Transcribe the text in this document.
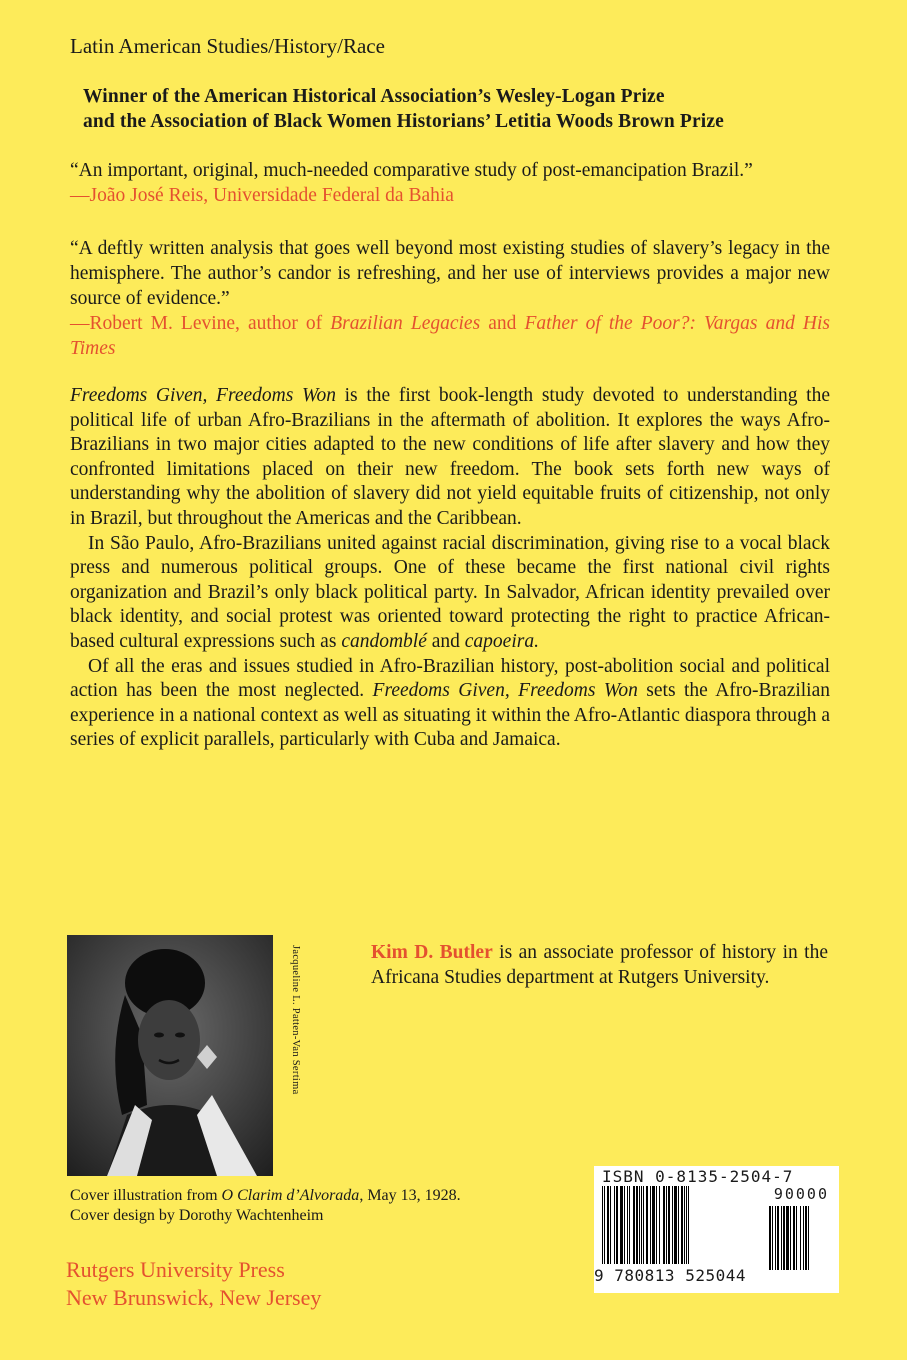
Latin American Studies/History/Race
Winner of the American Historical Association’s Wesley-Logan Prize
and the Association of Black Women Historians’ Letitia Woods Brown Prize
“An important, original, much-needed comparative study of post-emancipation Brazil.”
—João José Reis, Universidade Federal da Bahia
“A deftly written analysis that goes well beyond most existing studies of slavery’s legacy in the hemisphere. The author’s candor is refreshing, and her use of interviews provides a major new source of evidence.”
—Robert M. Levine, author of Brazilian Legacies and Father of the Poor?: Vargas and His Times

Freedoms Given, Freedoms Won is the first book-length study devoted to understanding the political life of urban Afro-Brazilians in the aftermath of abolition. It explores the ways Afro-Brazilians in two major cities adapted to the new conditions of life after slavery and how they confronted limitations placed on their new freedom. The book sets forth new ways of understanding why the abolition of slavery did not yield equitable fruits of citizenship, not only in Brazil, but throughout the Americas and the Caribbean.

In São Paulo, Afro-Brazilians united against racial discrimination, giving rise to a vocal black press and numerous political groups. One of these became the first national civil rights organization and Brazil’s only black political party. In Salvador, African identity prevailed over black identity, and social protest was oriented toward protecting the right to practice African-based cultural expressions such as candomblé and capoeira.

Of all the eras and issues studied in Afro-Brazilian history, post-abolition social and political action has been the most neglected. Freedoms Given, Freedoms Won sets the Afro-Brazilian experience in a national context as well as situating it within the Afro-Atlantic diaspora through a series of explicit parallels, particularly with Cuba and Jamaica.

Jacqueline L. Patten-Van Sertima	Kim D. Butler is an associate professor of history in the Africana Studies department at Rutgers University.
Cover illustration from O Clarim d’Alvorada, May 13, 1928.
Cover design by Dorothy Wachtenheim
Rutgers University Press
New Brunswick, New Jersey
ISBN 0-8135-2504-7
90000
9 780813 525044
